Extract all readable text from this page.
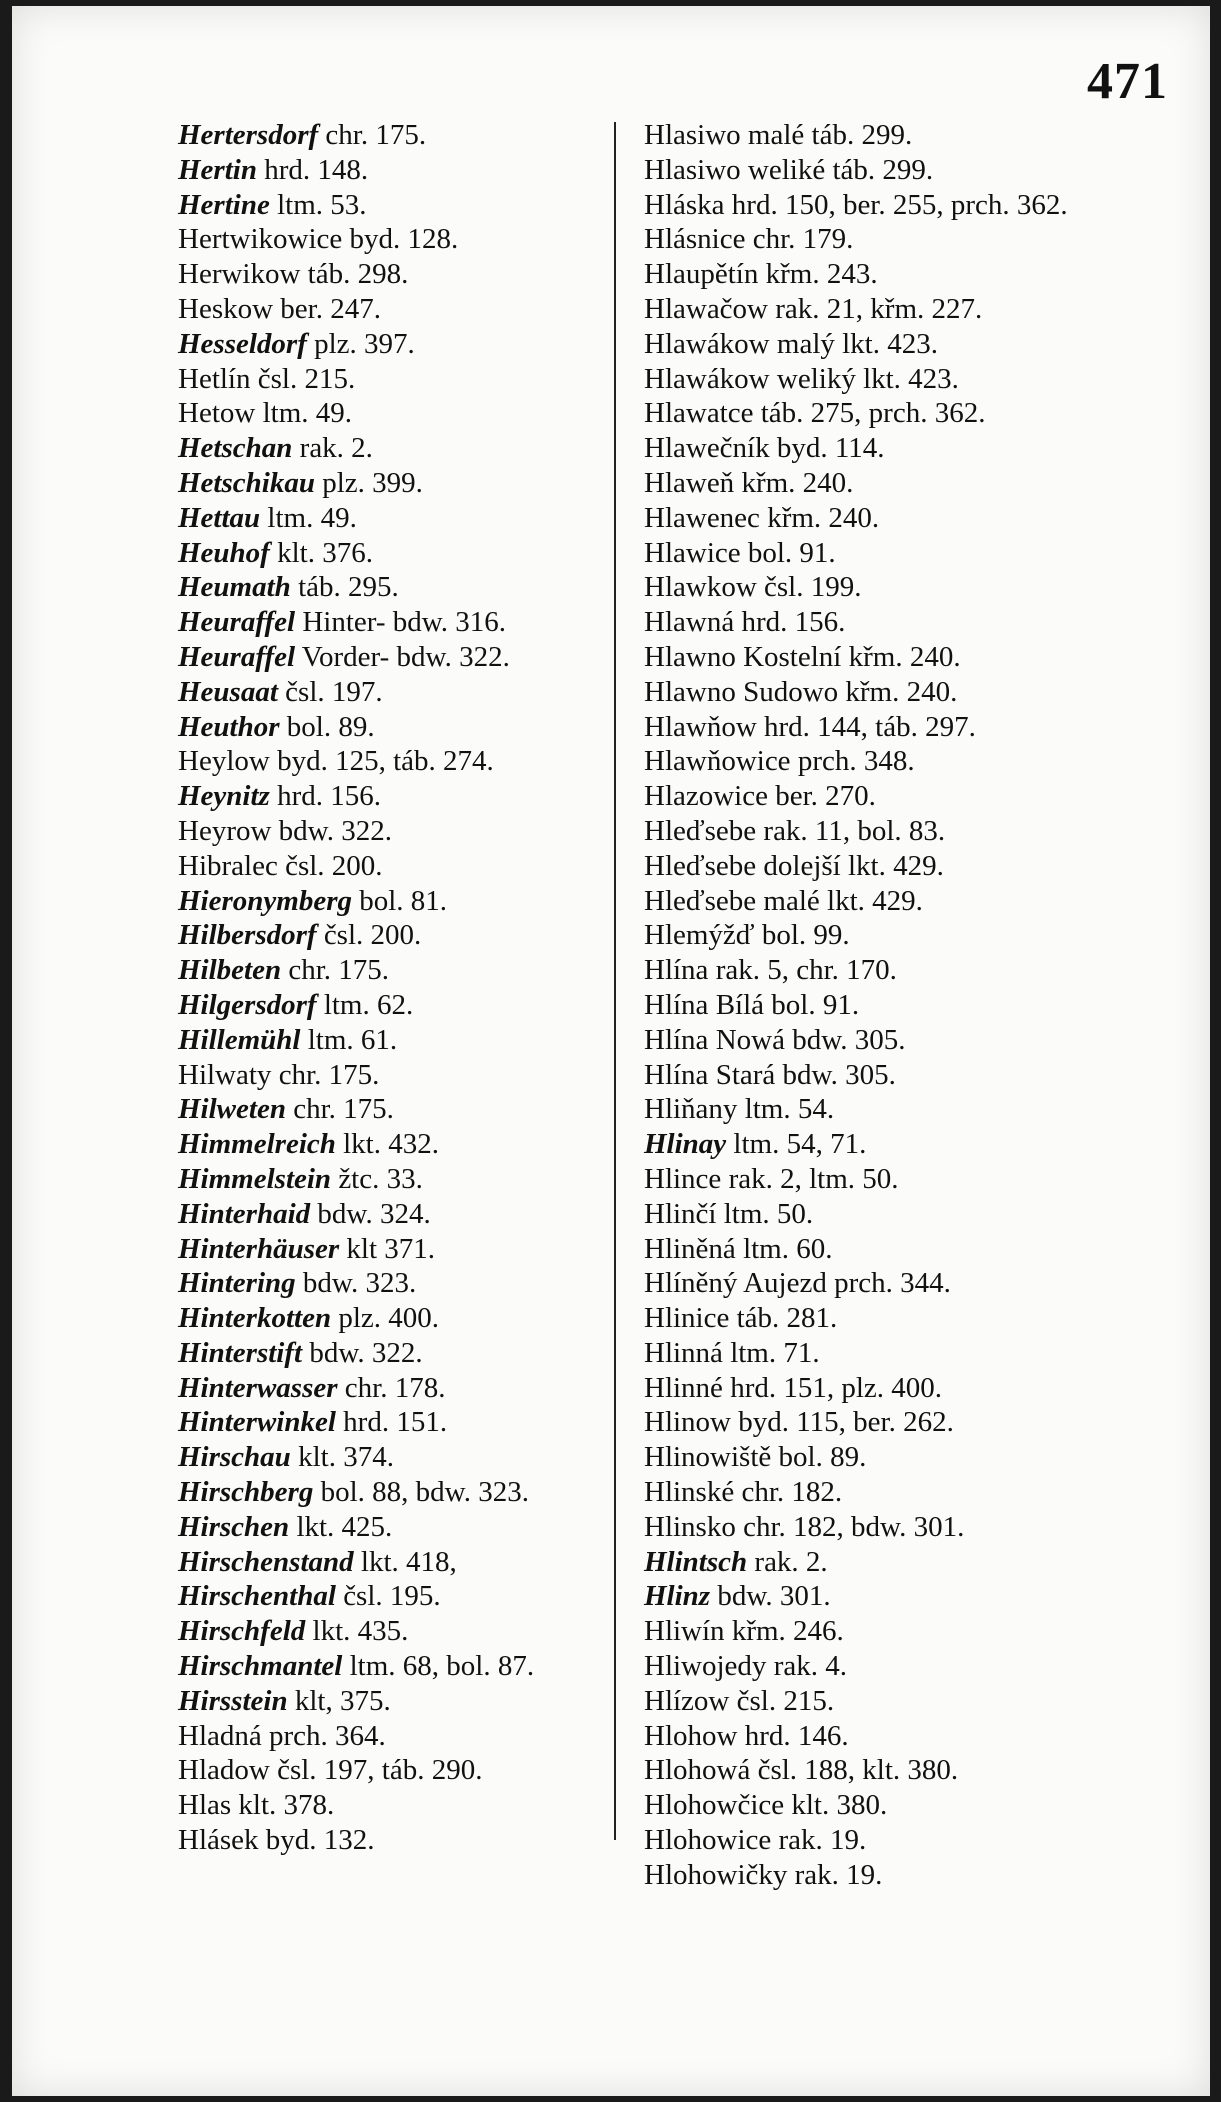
471
Hertersdorf chr. 175.
Hertin hrd. 148.
Hertine ltm. 53.
Hertwikowice byd. 128.
Herwikow táb. 298.
Heskow ber. 247.
Hesseldorf plz. 397.
Hetlín čsl. 215.
Hetow ltm. 49.
Hetschan rak. 2.
Hetschikau plz. 399.
Hettau ltm. 49.
Heuhof klt. 376.
Heumath táb. 295.
Heuraffel Hinter- bdw. 316.
Heuraffel Vorder- bdw. 322.
Heusaat čsl. 197.
Heuthor bol. 89.
Heylow byd. 125, táb. 274.
Heynitz hrd. 156.
Heyrow bdw. 322.
Hibralec čsl. 200.
Hieronymberg bol. 81.
Hilbersdorf čsl. 200.
Hilbeten chr. 175.
Hilgersdorf ltm. 62.
Hillemühl ltm. 61.
Hilwaty chr. 175.
Hilweten chr. 175.
Himmelreich lkt. 432.
Himmelstein žtc. 33.
Hinterhaid bdw. 324.
Hinterhäuser klt 371.
Hintering bdw. 323.
Hinterkotten plz. 400.
Hinterstift bdw. 322.
Hinterwasser chr. 178.
Hinterwinkel hrd. 151.
Hirschau klt. 374.
Hirschberg bol. 88, bdw. 323.
Hirschen lkt. 425.
Hirschenstand lkt. 418,
Hirschenthal čsl. 195.
Hirschfeld lkt. 435.
Hirschmantel ltm. 68, bol. 87.
Hirsstein klt, 375.
Hladná prch. 364.
Hladow čsl. 197, táb. 290.
Hlas klt. 378.
Hlásek byd. 132.
Hlasiwo malé táb. 299.
Hlasiwo weliké táb. 299.
Hláska hrd. 150, ber. 255, prch. 362.
Hlásnice chr. 179.
Hlaupětín křm. 243.
Hlawačow rak. 21, křm. 227.
Hlawákow malý lkt. 423.
Hlawákow weliký lkt. 423.
Hlawatce táb. 275, prch. 362.
Hlawečník byd. 114.
Hlaweň křm. 240.
Hlawenec křm. 240.
Hlawice bol. 91.
Hlawkow čsl. 199.
Hlawná hrd. 156.
Hlawno Kostelní křm. 240.
Hlawno Sudowo křm. 240.
Hlawňow hrd. 144, táb. 297.
Hlawňowice prch. 348.
Hlazowice ber. 270.
Hleďsebe rak. 11, bol. 83.
Hleďsebe dolejší lkt. 429.
Hleďsebe malé lkt. 429.
Hlemýžď bol. 99.
Hlína rak. 5, chr. 170.
Hlína Bílá bol. 91.
Hlína Nowá bdw. 305.
Hlína Stará bdw. 305.
Hliňany ltm. 54.
Hlinay ltm. 54, 71.
Hlince rak. 2, ltm. 50.
Hlinčí ltm. 50.
Hliněná ltm. 60.
Hlíněný Aujezd prch. 344.
Hlinice táb. 281.
Hlinná ltm. 71.
Hlinné hrd. 151, plz. 400.
Hlinow byd. 115, ber. 262.
Hlinowiště bol. 89.
Hlinské chr. 182.
Hlinsko chr. 182, bdw. 301.
Hlintsch rak. 2.
Hlinz bdw. 301.
Hliwín křm. 246.
Hliwojedy rak. 4.
Hlízow čsl. 215.
Hlohow hrd. 146.
Hlohowá čsl. 188, klt. 380.
Hlohowčice klt. 380.
Hlohowice rak. 19.
Hlohowičky rak. 19.
